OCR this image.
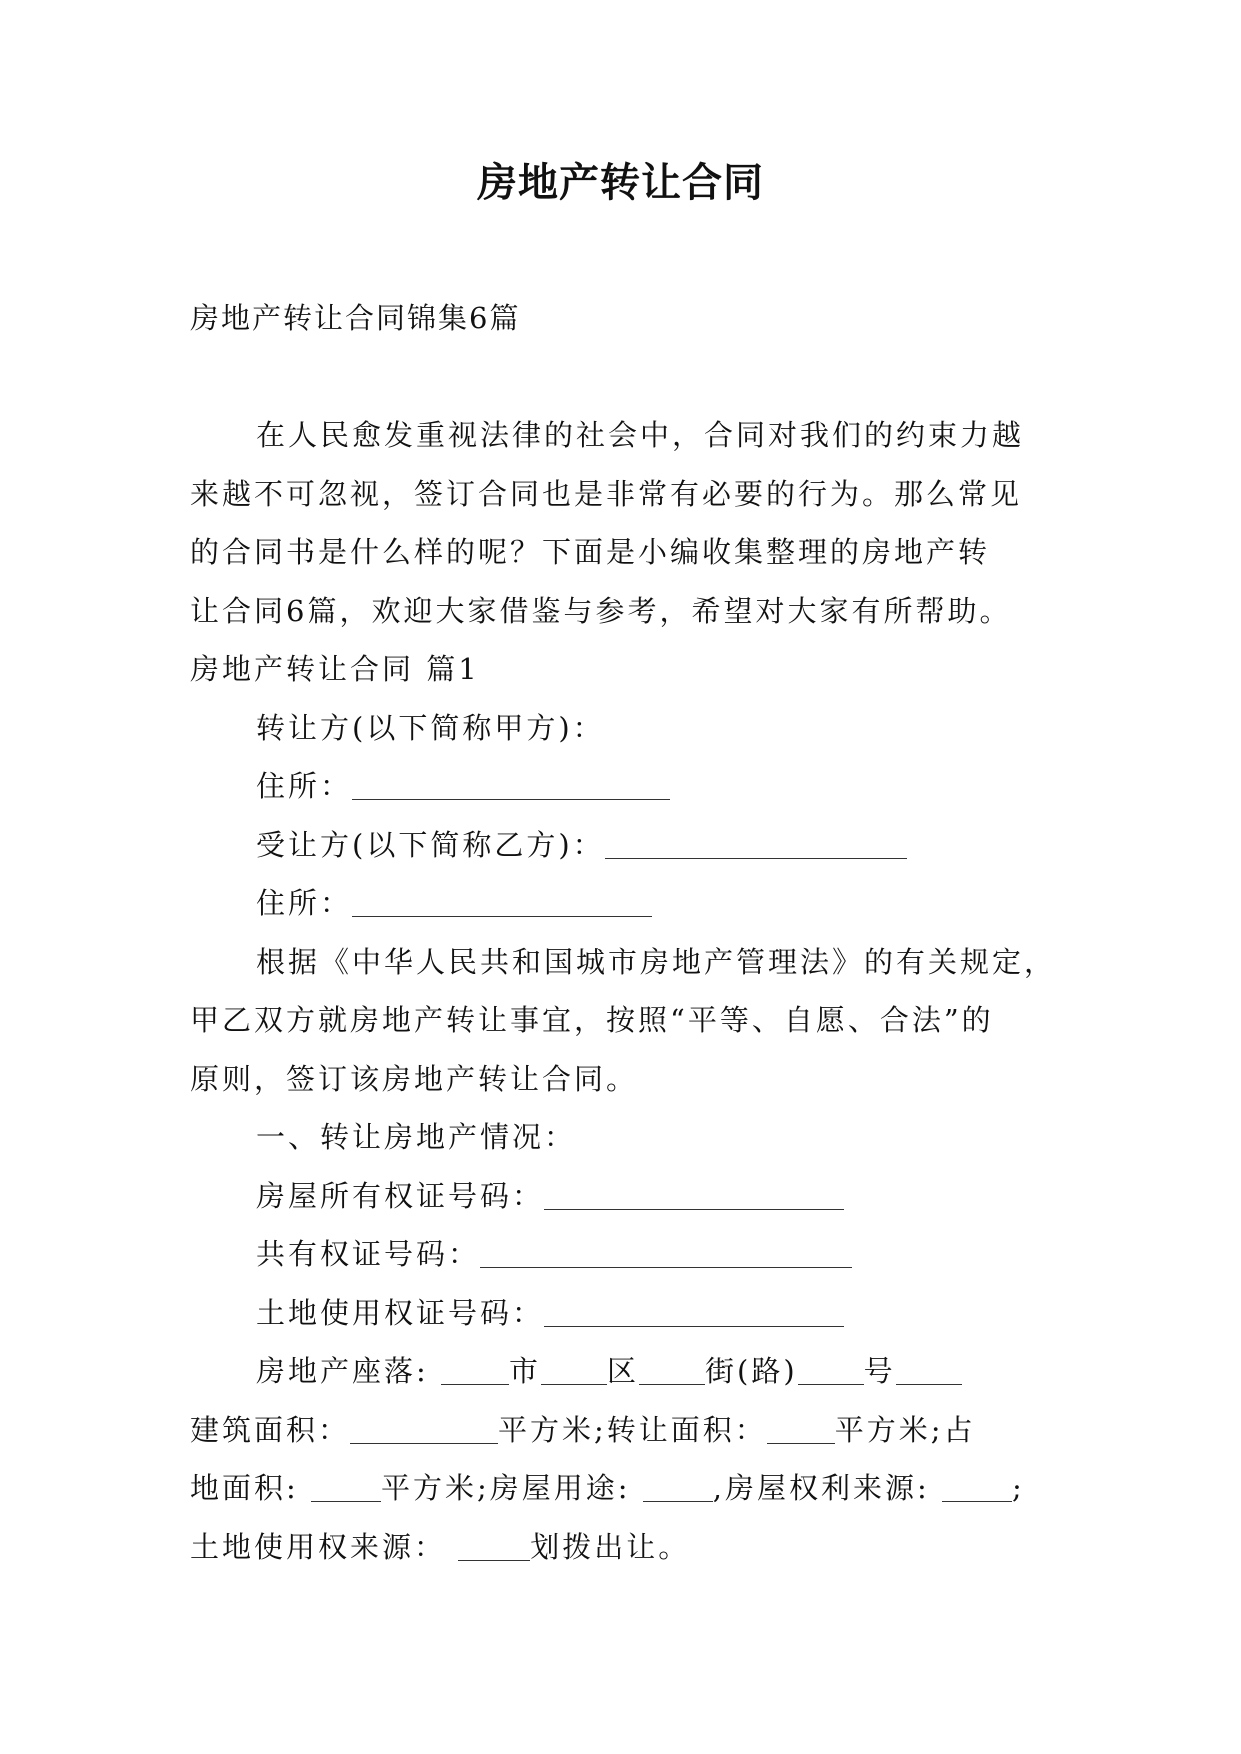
房地产转让合同
房地产转让合同锦集6篇

在人民愈发重视法律的社会中，合同对我们的约束力越

来越不可忽视，签订合同也是非常有必要的行为。那么常见

的合同书是什么样的呢？下面是小编收集整理的房地产转

让合同6篇，欢迎大家借鉴与参考，希望对大家有所帮助。

房地产转让合同 篇1

转让方(以下简称甲方)：

住所：

受让方(以下简称乙方)：

住所：

根据《中华人民共和国城市房地产管理法》的有关规定，

甲乙双方就房地产转让事宜，按照“平等、自愿、合法”的

原则，签订该房地产转让合同。

一、转让房地产情况：

房屋所有权证号码：

共有权证号码：

土地使用权证号码：

房地产座落:	市 区 街(路) 号

建筑面积：	平方米;转让面积： 平方米;占

地面积:	平方米;房屋用途:	,房屋权利来源:	;

土地使用权来源：	划拨出让。
